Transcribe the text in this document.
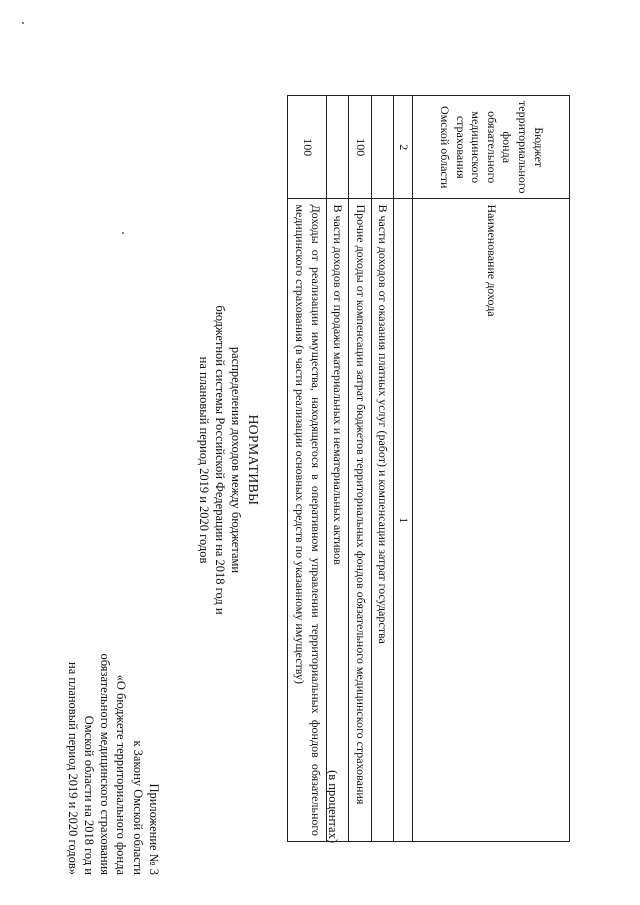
Приложение № 3
к Закону Омской области
«О бюджете территориального фонда
обязательного медицинского страхования
Омской области на 2018 год и
на плановый период 2019 и 2020 годов»
НОРМАТИВЫ
распределения доходов между бюджетами
бюджетной системы Российской Федерации на 2018 год и
на плановый период 2019 и 2020 годов
(в процентах)
Наименование дохода	Бюджет территориального фонда обязательного медицинского страхования Омской области
1	2
В части доходов от оказания платных услуг (работ) и компенсации затрат государства	
Прочие доходы от компенсации затрат бюджетов территориальных фондов обязательного медицинского страхования	100
В части доходов от продажи материальных и нематериальных активов	
Доходы от реализации имущества, находящегося в оперативном управлении территориальных фондов обязательного медицинского страхования (в части реализации основных средств по указанному имуществу)	100
